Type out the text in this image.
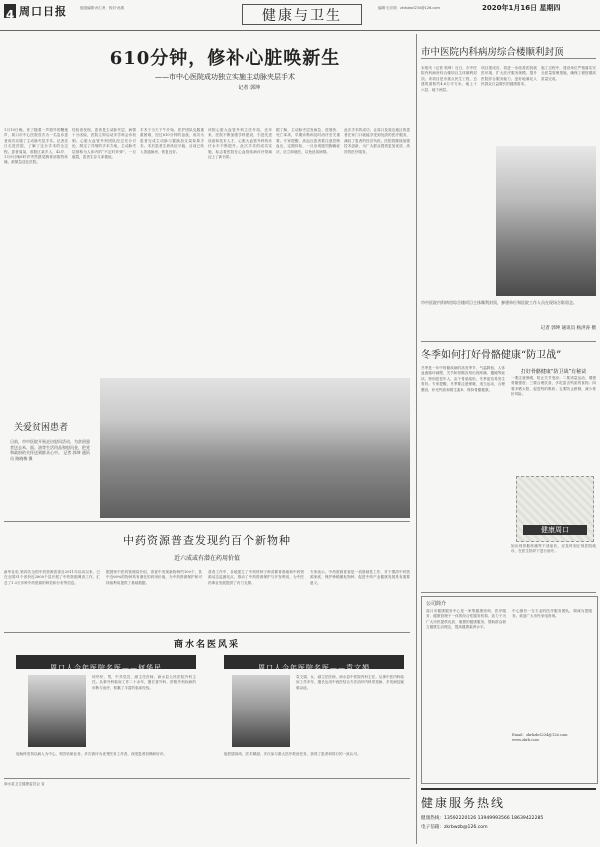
4 周口日报	组版编辑·孙仁贵 校对·孙燕	健康与卫生	编辑·石宗明 zkrbzbcl234@126.com	2020年1月16日 星期四
610分钟，修补心脏唤新生
——市中心医院成功独立实施主动脉夹层手术
记者 郭坤
1月10日晚，伴了随着一声窗外的鞭炮声，周口市中心医院首次为一名急诊患者成功实施了主动脉夹层手术。记者近日走进医院，了解了这台手术的全过程。患者周某，淮阳区某乡人，42岁，1月9日晚8时许突然感觉胸背部剧烈疼痛，被紧急送往医院。
经检查发现，患者是主动脉夹层，病情十分凶险，医院立即启动多学科会诊机制。心脏大血管外科团队经过充分讨论，制定了详细的手术方案。主动脉夹层被称为人体内的“不定时炸弹”，一旦破裂，患者生存几率极低。
手术于当天下午开始，医护团队克服重重困难，经过610分钟的奋战，成功为患者完成主动脉弓置换加支架象鼻手术。术后患者生命体征平稳，目前已转入普通病房，恢复良好。
该院心脏大血管外科主任介绍，近年来，医院不断加强学科建设，引进先进设备和技术人才，心脏大血管外科的诊疗水平不断提升。此次手术的成功实施，标志着医院在心血管疾病诊疗领域迈上了新台阶。
据了解，主动脉夹层发病急、进展快、死亡率高，早期诊断和及时治疗至关重要。专家提醒，高血压患者要注意控制血压，定期体检，一旦出现剧烈胸痛症状，应立即就医，以免延误病情。
此次手术的成功，让周口及周边地区的患者在家门口就能享受到优质的医疗服务，减轻了患者的经济负担。医院将继续加强技术创新，为广大群众提供更加优质、高效的医疗服务。
关爱贫困患者
日前，市中医院开展走访慰问活动，为贫困患者送去米、面、油等生活用品和慰问金，把党和政府的关怀送到群众心中。 记者 郭坤 通讯员 路晓梅 摄
中药资源普查发现约百个新物种
近六成或有潜在药用价值
新华社电 第四次全国中药资源普查自2011年启动以来，已在全国31个省份近2800个县开展了中药资源调查工作，汇总了1.3万多种中药资源的种类和分布等信息。
据国家中医药管理局介绍，普查中发现新物种约100个，其中近60%的物种具有潜在的药用价值，为中药资源保护和可持续利用提供了基础数据。
普查工作中，各地建立了中药材种子种苗繁育基地和中药资源动态监测站点，推动了中药资源保护与开发利用，为中医药事业发展提供了有力支撑。
专家表示，中药资源普查是一项基础性工作，对于摸清中药资源家底、保护珍稀濒危物种、促进中药产业健康发展具有重要意义。
商水名医风采
周口人今年医院名医——何华民
何华民，男，中共党员，副主任医师，商水县人民医院外科主任。从事外科临床工作二十余年，擅长普外科、肝胆外科疾病的诊断与治疗，积累了丰富的临床经验。
他始终坚持以病人为中心，刻苦钻研业务，多次被评为优秀医务工作者，深受患者信赖和好评。
周口人今年医院名医——袁文娟
袁文娟，女，副主任医师，商水县中医院内科主任。从事中医内科临床工作多年，擅长运用中西医结合方法治疗内科常见病、多发病及疑难杂症。
她医德高尚，医术精湛，多次参与重大医疗救治任务，获得了患者和同行的一致认可。
商水县卫生健康委员会 宣
市中医院内科病房综合楼顺利封顶
本报讯（记者 郭坤）近日，市中医院内科病房综合楼项目主体顺利封顶。该项目是市重点民生工程，总建筑面积约4.6万平方米，地上十六层、地下两层。
项目建成后，将进一步改善医院就医环境，扩大医疗服务规模，提升医院综合服务能力，更好地满足人民群众日益增长的健康需求。
施工过程中，建设单位严格落实安全质量管理措施，确保工程按期高质量完成。
市中医院内科病房综合楼项目主体顺利封顶，参建单位和医院工作人员在现场合影留念。
记者 郭坤 通讯员 杨洪涛 摄
冬季如何打好骨骼健康“防卫战”
冬季是一年中骨骼疾病的高发季节，气温降低，人体血液循环减慢，关节和骨骼容易出现疼痛、僵硬等症状。特别是老年人，由于骨质疏松，冬季更容易发生骨折。专家提醒，冬季要注意保暖，适当运动，合理膳食，补充钙质和维生素D，保持骨骼健康。
打好骨骼健康“防卫战”有秘诀
一要注意保暖，防止关节受凉；二要适量运动，增强骨骼强度；三要合理饮食，多吃富含钙质的食物；四要多晒太阳，促进钙的吸收；五要防止跌倒，减少骨折风险。
健康周口
如出现骨骼疼痛等不适症状，应及时到正规医院就诊，在医生指导下进行治疗。
公司简介
周口市健康服务中心是一家集健康咨询、医疗服务、健康管理于一体的综合性服务机构，致力于为广大市民提供优质、便捷的健康服务，帮助群众树立健康生活理念，提高健康素养水平。
中心拥有一支专业的医疗服务团队，竭诚为您服务。欢迎广大市民来电咨询。
Email：zkrbzbcl234@126.com
www.zkrb.com
健康服务热线
健康热线：13592220126 13949993566 18639422285
电子信箱：zkrbwzb@126.com
